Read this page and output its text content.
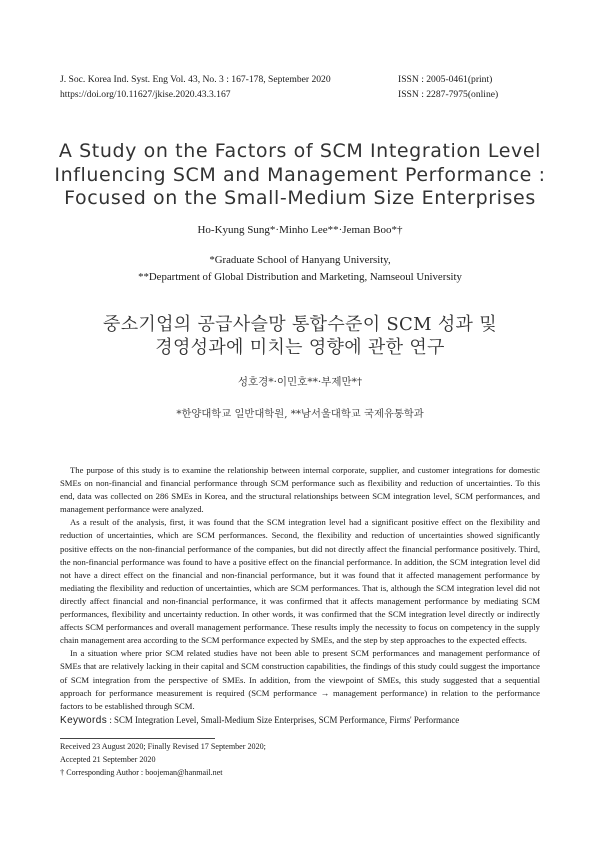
J. Soc. Korea Ind. Syst. Eng Vol. 43, No. 3 : 167-178, September 2020
https://doi.org/10.11627/jkise.2020.43.3.167
ISSN : 2005-0461(print)
ISSN : 2287-7975(online)
A Study on the Factors of SCM Integration Level
Influencing SCM and Management Performance :
Focused on the Small-Medium Size Enterprises
Ho-Kyung Sung*·Minho Lee**·Jeman Boo*†
*Graduate School of Hanyang University,
**Department of Global Distribution and Marketing, Namseoul University
중소기업의 공급사슬망 통합수준이 SCM 성과 및
경영성과에 미치는 영향에 관한 연구
성호경*·이민호**·부제만*†
*한양대학교 일반대학원, **남서울대학교 국제유통학과

The purpose of this study is to examine the relationship between internal corporate, supplier, and customer integrations for domestic SMEs on non-financial and financial performance through SCM performance such as flexibility and reduction of uncertainties. To this end, data was collected on 286 SMEs in Korea, and the structural relationships between SCM integration level, SCM performances, and management performance were analyzed.

As a result of the analysis, first, it was found that the SCM integration level had a significant positive effect on the flexibility and reduction of uncertainties, which are SCM performances. Second, the flexibility and reduction of uncertainties showed significantly positive effects on the non-financial performance of the companies, but did not directly affect the financial performance positively. Third, the non-financial performance was found to have a positive effect on the financial performance. In addition, the SCM integration level did not have a direct effect on the financial and non-financial performance, but it was found that it affected management performance by mediating the flexibility and reduction of uncertainties, which are SCM performances. That is, although the SCM integration level did not directly affect financial and non-financial performance, it was confirmed that it affects management performance by mediating SCM performances, flexibility and uncertainty reduction. In other words, it was confirmed that the SCM integration level directly or indirectly affects SCM performances and overall management performance. These results imply the necessity to focus on competency in the supply chain management area according to the SCM performance expected by SMEs, and the step by step approaches to the expected effects.

In a situation where prior SCM related studies have not been able to present SCM performances and management performance of SMEs that are relatively lacking in their capital and SCM construction capabilities, the findings of this study could suggest the importance of SCM integration from the perspective of SMEs. In addition, from the viewpoint of SMEs, this study suggested that a sequential approach for performance measurement is required (SCM performance → management performance) in relation to the performance factors to be established through SCM.

Keywords : SCM Integration Level, Small-Medium Size Enterprises, SCM Performance, Firms' Performance
Received 23 August 2020; Finally Revised 17 September 2020;
Accepted 21 September 2020
† Corresponding Author : boojeman@hanmail.net
